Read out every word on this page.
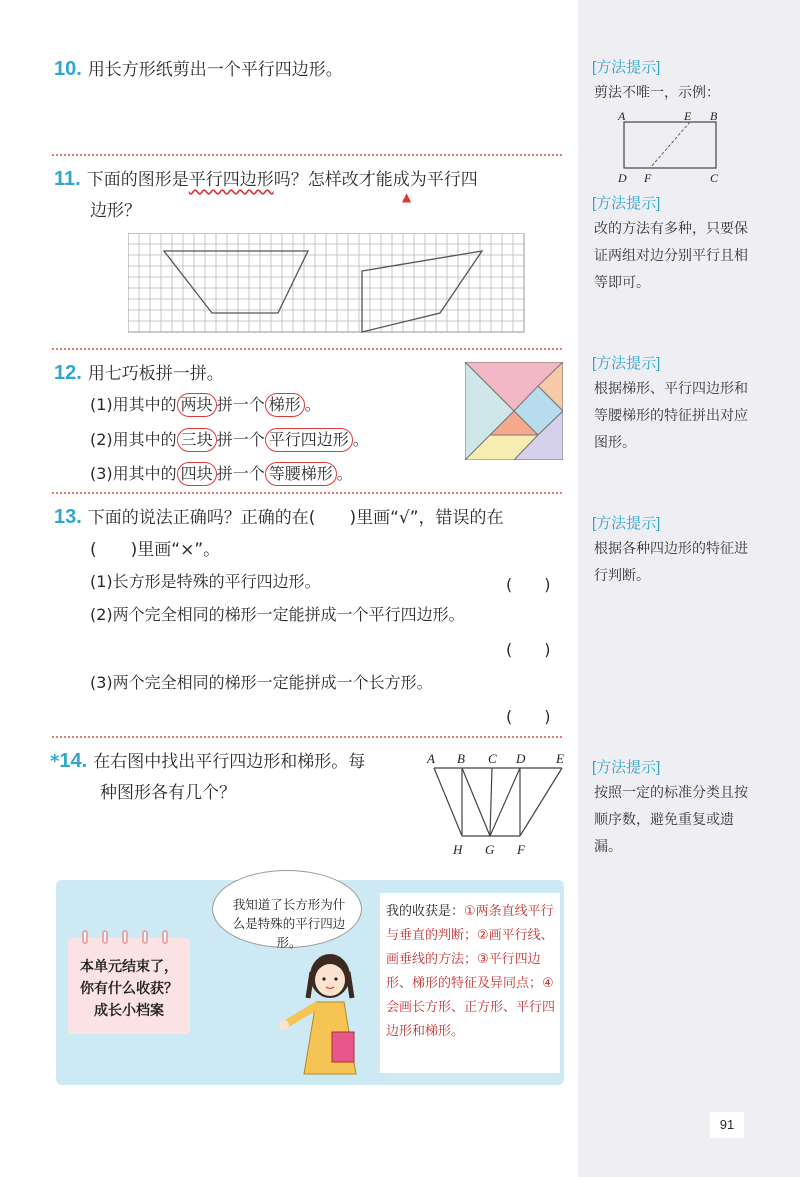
10. 用长方形纸剪出一个平行四边形。
11. 下面的图形是平行四边形吗？怎样改才能成为平行四
▲
边形？
12. 用七巧板拼一拼。
(1)用其中的 两块 拼一个 梯形 。
(2)用其中的 三块 拼一个 平行四边形 。
(3)用其中的 四块 拼一个 等腰梯形 。
13. 下面的说法正确吗？正确的在(　　)里画“√”，错误的在
(　　)里画“×”。
(1)长方形是特殊的平行四边形。	(　　)
(2)两个完全相同的梯形一定能拼成一个平行四边形。
(　　)
(3)两个完全相同的梯形一定能拼成一个长方形。
(　　)
*14. 在右图中找出平行四边形和梯形。每
种图形各有几个？
A B C D E
H G F
本单元结束了，
你有什么收获？
成长小档案
我知道了长方形为什么是特殊的平行四边形。
我的收获是：①两条直线平行与垂直的判断；②画平行线、画垂线的方法；③平行四边形、梯形的特征及异同点；④会画长方形、正方形、平行四边形和梯形。
[方法提示]
剪法不唯一，示例：
A	E B
D F	C
[方法提示]
改的方法有多种，只要保证两组对边分别平行且相等即可。
[方法提示]
根据梯形、平行四边形和等腰梯形的特征拼出对应图形。
[方法提示]
根据各种四边形的特征进行判断。
[方法提示]
按照一定的标准分类且按顺序数，避免重复或遗漏。
91
